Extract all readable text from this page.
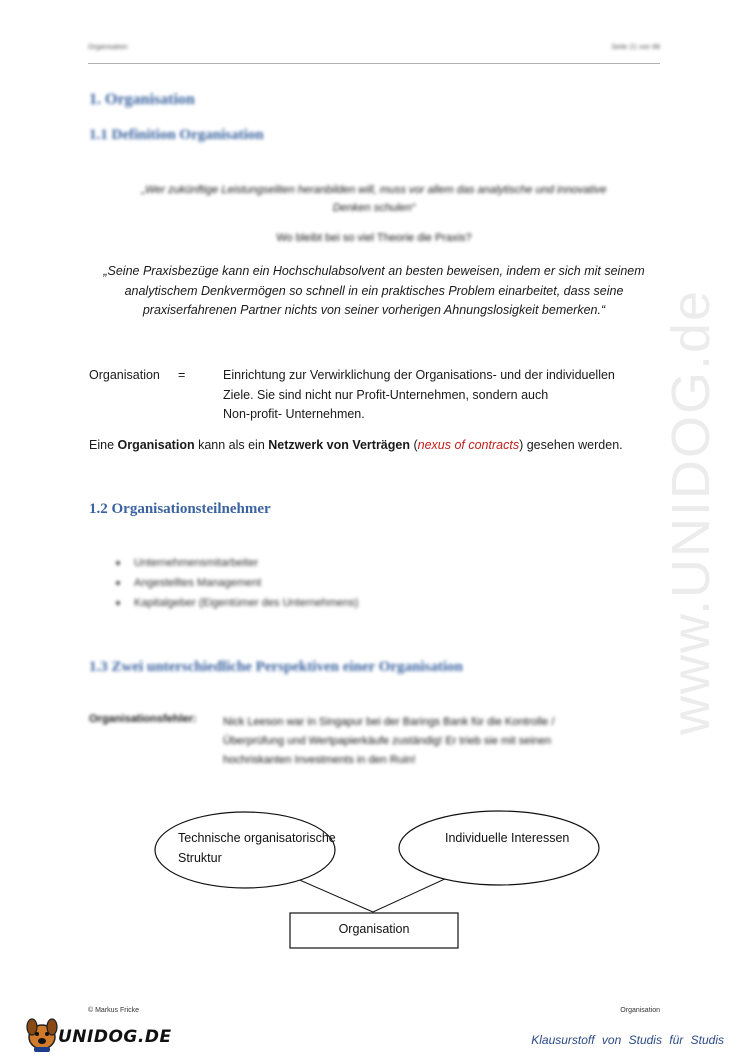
Organisation	Seite 21 von 98
www.UNIDOG.de
1. Organisation
1.1 Definition Organisation
„Wer zukünftige Leistungseliten heranbilden will, muss vor allem das analytische und innovative
Denken schulen“
Wo bleibt bei so viel Theorie die Praxis?
„Seine Praxisbezüge kann ein Hochschulabsolvent an besten beweisen, indem er sich mit seinem
analytischem Denkvermögen so schnell in ein praktisches Problem einarbeitet, dass seine
praxiserfahrenen Partner nichts von seiner vorherigen Ahnungslosigkeit bemerken.“
Organisation =	Einrichtung zur Verwirklichung der Organisations- und der individuellen
Ziele. Sie sind nicht nur Profit-Unternehmen, sondern auch
Non-profit- Unternehmen.
Eine Organisation kann als ein Netzwerk von Verträgen (nexus of contracts) gesehen werden.
1.2 Organisationsteilnehmer
Unternehmensmitarbeiter
Angestelltes Management
Kapitalgeber (Eigentümer des Unternehmens)
1.3 Zwei unterschiedliche Perspektiven einer Organisation
Organisationsfehler: Nick Leeson war in Singapur bei der Barings Bank für die Kontrolle /
Überprüfung und Wertpapierkäufe zuständig! Er trieb sie mit seinen
hochriskanten Investments in den Ruin!
Technische organisatorische
Struktur
Individuelle Interessen
Organisation
© Markus Fricke	Organisation
UNIDOG.DE	Klausurstoff von Studis für Studis
